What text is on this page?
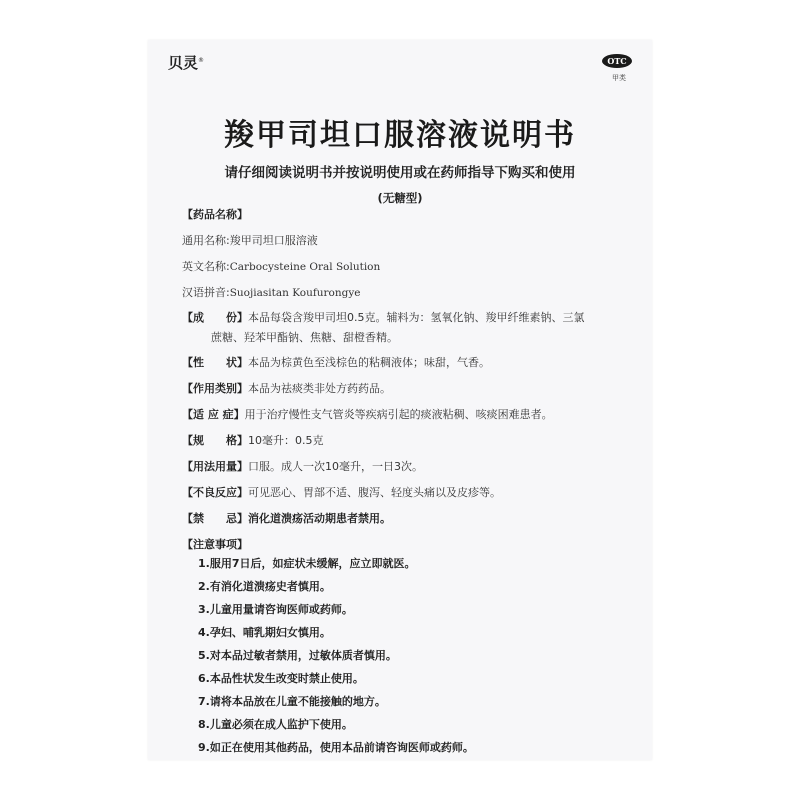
贝灵®	OTC
甲类
羧甲司坦口服溶液说明书
请仔细阅读说明书并按说明使用或在药师指导下购买和使用
(无糖型)
【药品名称】
通用名称:羧甲司坦口服溶液
英文名称:Carbocysteine Oral Solution
汉语拼音:Suojiasitan Koufurongye
【成　　份】本品每袋含羧甲司坦0.5克。辅料为：氢氧化钠、羧甲纤维素钠、三氯
蔗糖、羟苯甲酯钠、焦糖、甜橙香精。
【性　　状】本品为棕黄色至浅棕色的粘稠液体；味甜，气香。
【作用类别】本品为祛痰类非处方药药品。
【适 应 症】用于治疗慢性支气管炎等疾病引起的痰液粘稠、咳痰困难患者。
【规　　格】10毫升：0.5克
【用法用量】口服。成人一次10毫升，一日3次。
【不良反应】可见恶心、胃部不适、腹泻、轻度头痛以及皮疹等。
【禁　　忌】消化道溃疡活动期患者禁用。
【注意事项】
1.服用7日后，如症状未缓解，应立即就医。
2.有消化道溃疡史者慎用。
3.儿童用量请咨询医师或药师。
4.孕妇、哺乳期妇女慎用。
5.对本品过敏者禁用，过敏体质者慎用。
6.本品性状发生改变时禁止使用。
7.请将本品放在儿童不能接触的地方。
8.儿童必须在成人监护下使用。
9.如正在使用其他药品，使用本品前请咨询医师或药师。
